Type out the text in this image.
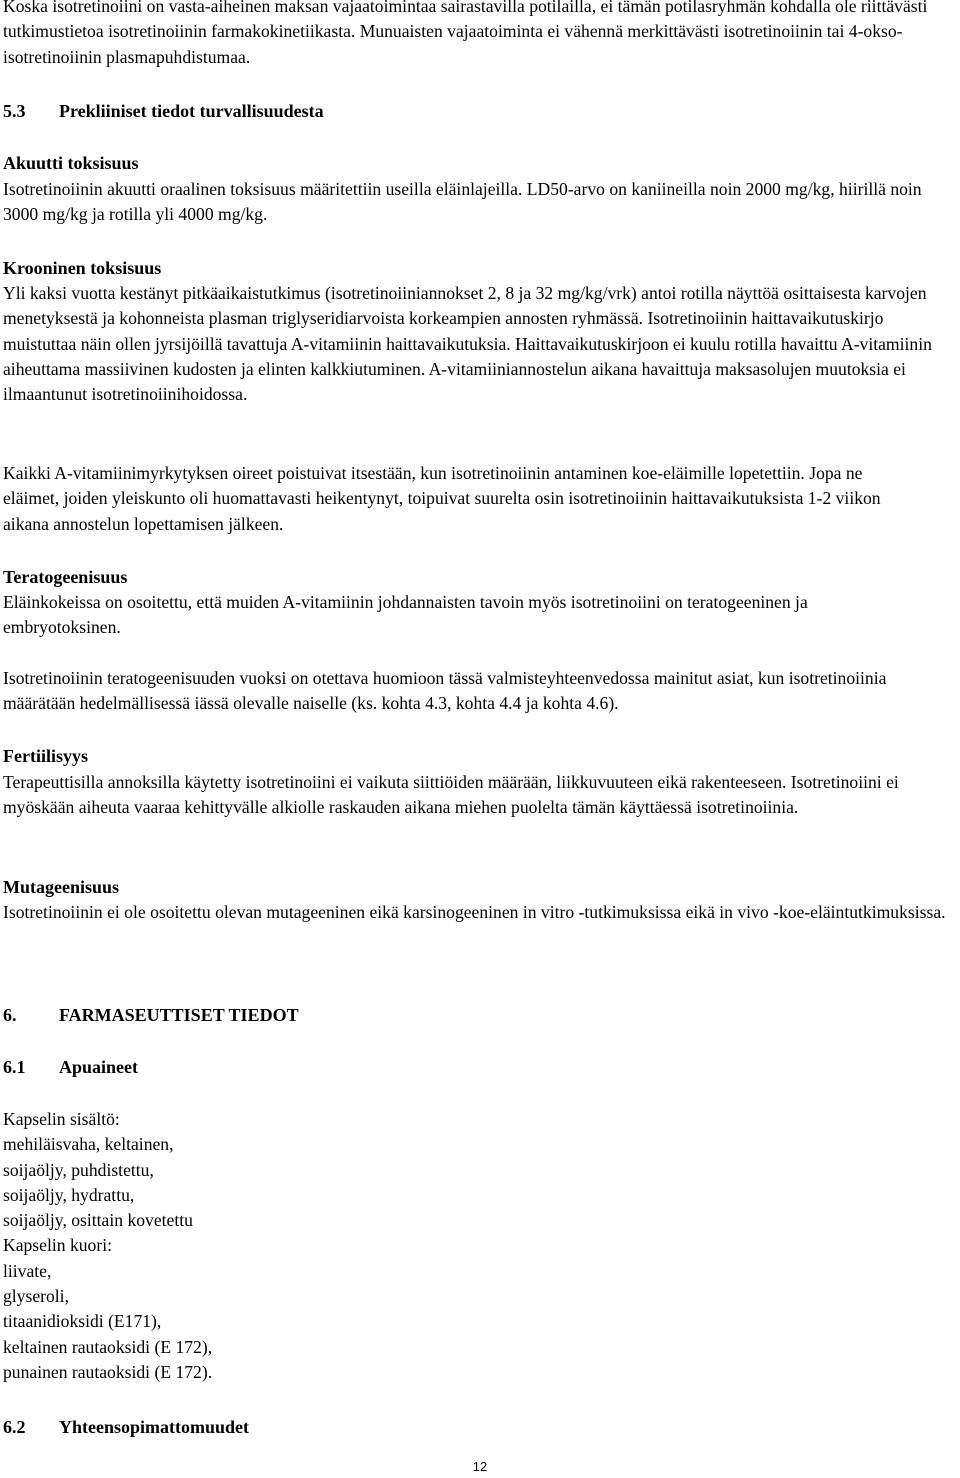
Koska isotretinoiini on vasta-aiheinen maksan vajaatoimintaa sairastavilla potilailla, ei tämän potilasryhmän kohdalla ole riittävästi tutkimustietoa isotretinoiinin farmakokinetiikasta. Munuaisten vajaatoiminta ei vähennä merkittävästi isotretinoiinin tai 4-okso-isotretinoiinin plasmapuhdistumaa.

5.3 Prekliiniset tiedot turvallisuudesta
Akuutti toksisuus

Isotretinoiinin akuutti oraalinen toksisuus määritettiin useilla eläinlajeilla. LD50-arvo on kaniineilla noin 2000 mg/kg, hiirillä noin 3000 mg/kg ja rotilla yli 4000 mg/kg.

Krooninen toksisuus

Yli kaksi vuotta kestänyt pitkäaikaistutkimus (isotretinoiiniannokset 2, 8 ja 32 mg/kg/vrk) antoi rotilla näyttöä osittaisesta karvojen menetyksestä ja kohonneista plasman triglyseridiarvoista korkeampien annosten ryhmässä. Isotretinoiinin haittavaikutuskirjo muistuttaa näin ollen jyrsijöillä tavattuja A-vitamiinin haittavaikutuksia. Haittavaikutuskirjoon ei kuulu rotilla havaittu A-vitamiinin aiheuttama massiivinen kudosten ja elinten kalkkiutuminen. A-vitamiiniannostelun aikana havaittuja maksasolujen muutoksia ei ilmaantunut isotretinoiinihoidossa.

Kaikki A-vitamiinimyrkytyksen oireet poistuivat itsestään, kun isotretinoiinin antaminen koe-eläimille lopetettiin. Jopa ne eläimet, joiden yleiskunto oli huomattavasti heikentynyt, toipuivat suurelta osin isotretinoiinin haittavaikutuksista 1-2 viikon aikana annostelun lopettamisen jälkeen.

Teratogeenisuus

Eläinkokeissa on osoitettu, että muiden A-vitamiinin johdannaisten tavoin myös isotretinoiini on teratogeeninen ja embryotoksinen.

Isotretinoiinin teratogeenisuuden vuoksi on otettava huomioon tässä valmisteyhteenvedossa mainitut asiat, kun isotretinoiinia määrätään hedelmällisessä iässä olevalle naiselle (ks. kohta 4.3, kohta 4.4 ja kohta 4.6).

Fertiilisyys

Terapeuttisilla annoksilla käytetty isotretinoiini ei vaikuta siittiöiden määrään, liikkuvuuteen eikä rakenteeseen. Isotretinoiini ei myöskään aiheuta vaaraa kehittyvälle alkiolle raskauden aikana miehen puolelta tämän käyttäessä isotretinoiinia.

Mutageenisuus

Isotretinoiinin ei ole osoitettu olevan mutageeninen eikä karsinogeeninen in vitro -tutkimuksissa eikä in vivo -koe-eläintutkimuksissa.

6. FARMASEUTTISET TIEDOT
6.1 Apuaineet
Kapselin sisältö:
mehiläisvaha, keltainen,
soijaöljy, puhdistettu,
soijaöljy, hydrattu,
soijaöljy, osittain kovetettu
Kapselin kuori:
liivate,
glyseroli,
titaanidioksidi (E171),
keltainen rautaoksidi (E 172),
punainen rautaoksidi (E 172).
6.2 Yhteensopimattomuudet
12
